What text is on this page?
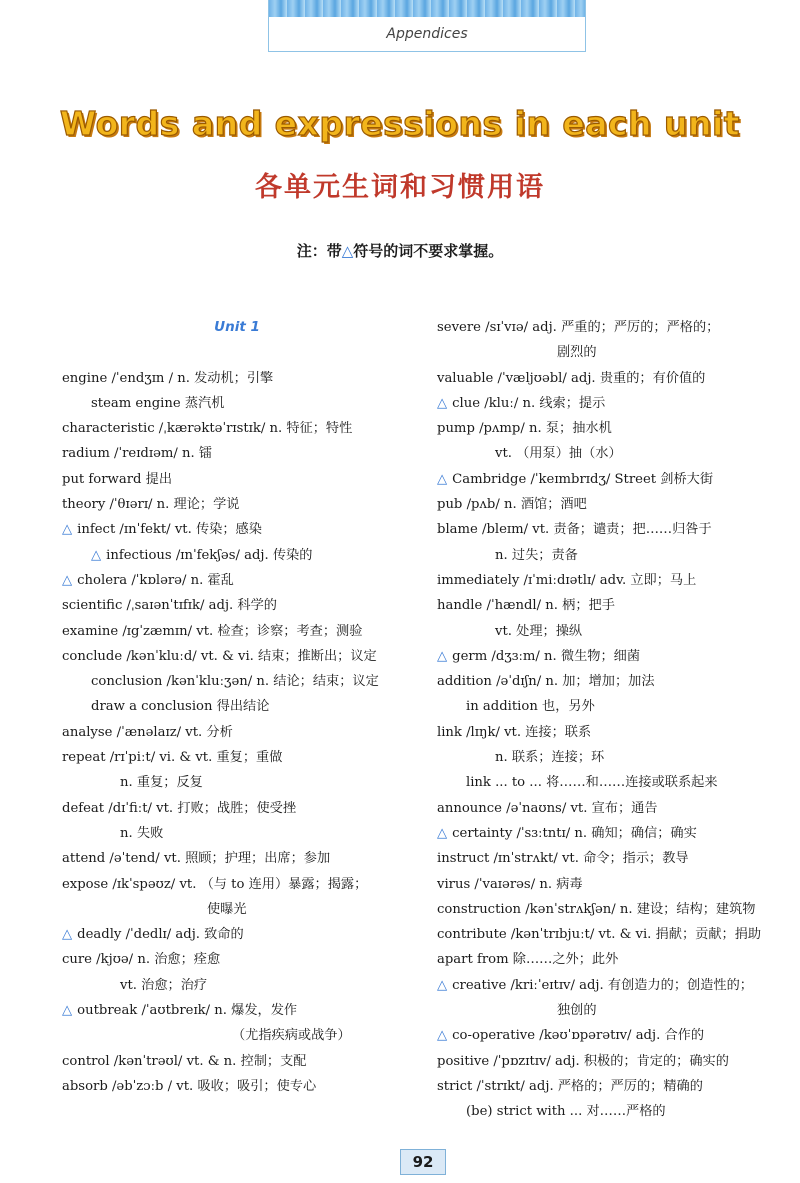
Appendices
Words and expressions in each unit
各单元生词和习惯用语
注：带△符号的词不要求掌握。
Unit 1
engine /ˈendʒɪn / n. 发动机；引擎
steam engine 蒸汽机
characteristic /ˌkærəktəˈrɪstɪk/ n. 特征；特性
radium /ˈreɪdɪəm/ n. 镭
put forward 提出
theory /ˈθɪərɪ/ n. 理论；学说
△ infect /ɪnˈfekt/ vt. 传染；感染
△ infectious /ɪnˈfekʃəs/ adj. 传染的
△ cholera /ˈkɒlərə/ n. 霍乱
scientific /ˌsaɪənˈtɪfɪk/ adj. 科学的
examine /ɪgˈzæmɪn/ vt. 检查；诊察；考查；测验
conclude /kənˈkluːd/ vt. & vi. 结束；推断出；议定
conclusion /kənˈkluːʒən/ n. 结论；结束；议定
draw a conclusion 得出结论
analyse /ˈænəlaɪz/ vt. 分析
repeat /rɪˈpiːt/ vi. & vt. 重复；重做
n. 重复；反复
defeat /dɪˈfiːt/ vt. 打败；战胜；使受挫
n. 失败
attend /əˈtend/ vt. 照顾；护理；出席；参加
expose /ɪkˈspəʊz/ vt. （与 to 连用）暴露；揭露；
使曝光
△ deadly /ˈdedlɪ/ adj. 致命的
cure /kjʊə/ n. 治愈；痊愈
vt. 治愈；治疗
△ outbreak /ˈaʊtbreɪk/ n. 爆发，发作
（尤指疾病或战争）
control /kənˈtrəʊl/ vt. & n. 控制；支配
absorb /əbˈzɔːb / vt. 吸收；吸引；使专心
severe /sɪˈvɪə/ adj. 严重的；严厉的；严格的；
剧烈的
valuable /ˈvæljʊəbl/ adj. 贵重的；有价值的
△ clue /kluː/ n. 线索；提示
pump /pʌmp/ n. 泵；抽水机
vt. （用泵）抽（水）
△ Cambridge /ˈkeɪmbrɪdʒ/ Street 剑桥大街
pub /pʌb/ n. 酒馆；酒吧
blame /bleɪm/ vt. 责备；谴责；把……归咎于
n. 过失；责备
immediately /ɪˈmiːdɪətlɪ/ adv. 立即；马上
handle /ˈhændl/ n. 柄；把手
vt. 处理；操纵
△ germ /dʒɜːm/ n. 微生物；细菌
addition /əˈdɪʃn/ n. 加；增加；加法
in addition 也，另外
link /lɪŋk/ vt. 连接；联系
n. 联系；连接；环
link ... to ... 将……和……连接或联系起来
announce /əˈnaʊns/ vt. 宣布；通告
△ certainty /ˈsɜːtntɪ/ n. 确知；确信；确实
instruct /ɪnˈstrʌkt/ vt. 命令；指示；教导
virus /ˈvaɪərəs/ n. 病毒
construction /kənˈstrʌkʃən/ n. 建设；结构；建筑物
contribute /kənˈtrɪbjuːt/ vt. & vi. 捐献；贡献；捐助
apart from 除……之外；此外
△ creative /kriːˈeɪtɪv/ adj. 有创造力的；创造性的；
独创的
△ co-operative /kəʊˈɒpərətɪv/ adj. 合作的
positive /ˈpɒzɪtɪv/ adj. 积极的；肯定的；确实的
strict /ˈstrɪkt/ adj. 严格的；严厉的；精确的
(be) strict with ... 对……严格的
92
